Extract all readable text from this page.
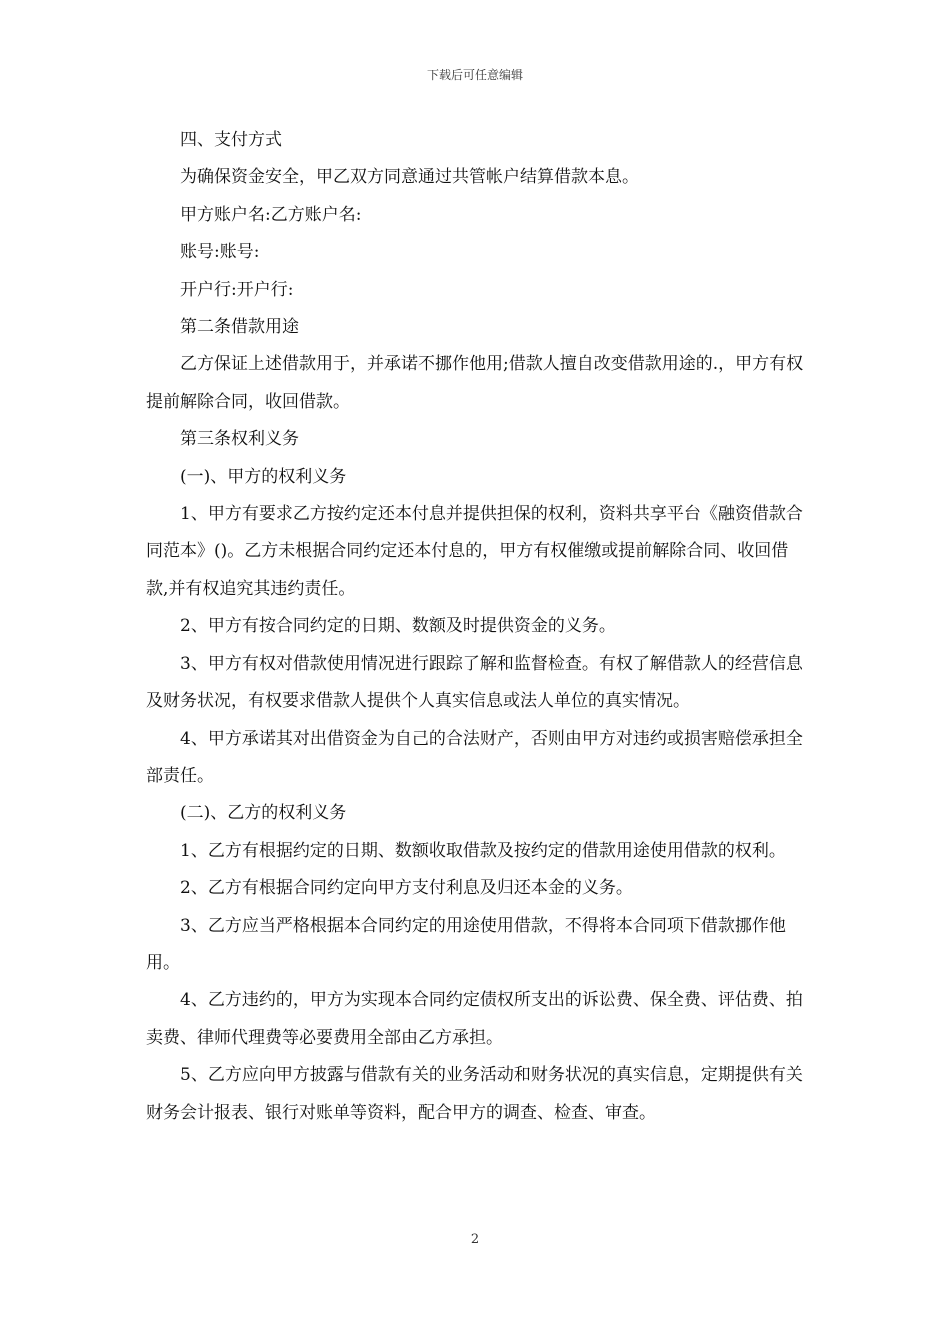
下载后可任意编辑

四、支付方式

为确保资金安全，甲乙双方同意通过共管帐户结算借款本息。

甲方账户名:乙方账户名:

账号:账号:

开户行:开户行:

第二条借款用途

乙方保证上述借款用于，并承诺不挪作他用;借款人擅自改变借款用途的.，甲方有权提前解除合同，收回借款。

第三条权利义务

(一)、甲方的权利义务

1、甲方有要求乙方按约定还本付息并提供担保的权利，资料共享平台《融资借款合同范本》()。乙方未根据合同约定还本付息的，甲方有权催缴或提前解除合同、收回借款,并有权追究其违约责任。

2、甲方有按合同约定的日期、数额及时提供资金的义务。

3、甲方有权对借款使用情况进行跟踪了解和监督检查。有权了解借款人的经营信息及财务状况，有权要求借款人提供个人真实信息或法人单位的真实情况。

4、甲方承诺其对出借资金为自己的合法财产，否则由甲方对违约或损害赔偿承担全部责任。

(二)、乙方的权利义务

1、乙方有根据约定的日期、数额收取借款及按约定的借款用途使用借款的权利。

2、乙方有根据合同约定向甲方支付利息及归还本金的义务。

3、乙方应当严格根据本合同约定的用途使用借款，不得将本合同项下借款挪作他用。

4、乙方违约的，甲方为实现本合同约定债权所支出的诉讼费、保全费、评估费、拍卖费、律师代理费等必要费用全部由乙方承担。

5、乙方应向甲方披露与借款有关的业务活动和财务状况的真实信息，定期提供有关财务会计报表、银行对账单等资料，配合甲方的调查、检查、审查。

2
